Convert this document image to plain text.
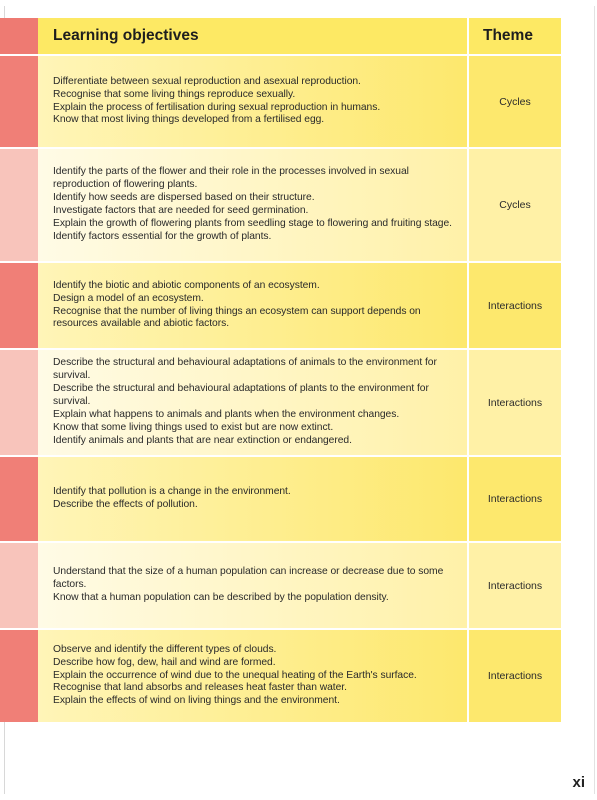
Learning objectives	Theme
Differentiate between sexual reproduction and asexual reproduction.
Recognise that some living things reproduce sexually.
Explain the process of fertilisation during sexual reproduction in humans.
Know that most living things developed from a fertilised egg.
Cycles
Identify the parts of the flower and their role in the processes involved in sexual
reproduction of flowering plants.
Identify how seeds are dispersed based on their structure.
Investigate factors that are needed for seed germination.
Explain the growth of flowering plants from seedling stage to flowering and fruiting stage.
Identify factors essential for the growth of plants.
Cycles
Identify the biotic and abiotic components of an ecosystem.
Design a model of an ecosystem.
Recognise that the number of living things an ecosystem can support depends on
resources available and abiotic factors.
Interactions
Describe the structural and behavioural adaptations of animals to the environment for
survival.
Describe the structural and behavioural adaptations of plants to the environment for
survival.
Explain what happens to animals and plants when the environment changes.
Know that some living things used to exist but are now extinct.
Identify animals and plants that are near extinction or endangered.
Interactions
Identify that pollution is a change in the environment.
Describe the effects of pollution.	Interactions
Understand that the size of a human population can increase or decrease due to some
factors.
Know that a human population can be described by the population density.
Interactions
Observe and identify the different types of clouds.
Describe how fog, dew, hail and wind are formed.
Explain the occurrence of wind due to the unequal heating of the Earth's surface.
Recognise that land absorbs and releases heat faster than water.
Explain the effects of wind on living things and the environment.
Interactions
xi
